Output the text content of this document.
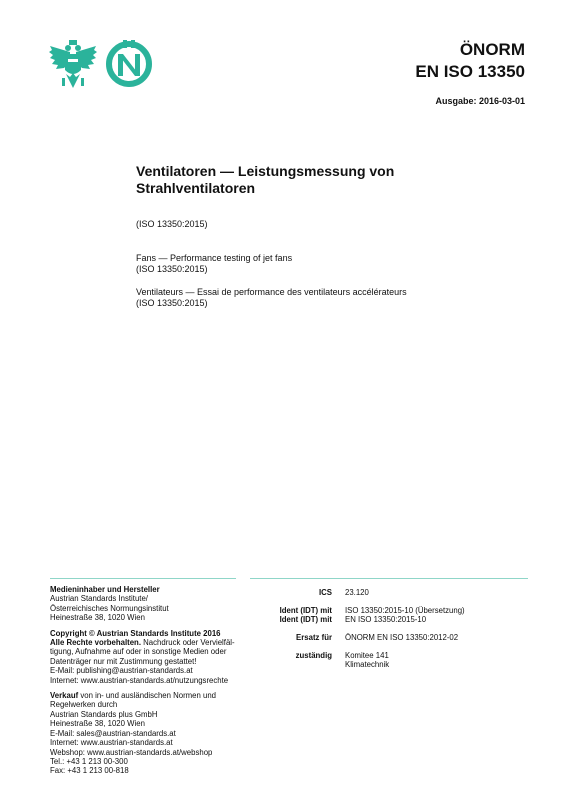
ÖNORM
EN ISO 13350
Ausgabe: 2016-03-01
Ventilatoren — Leistungsmessung von
Strahlventilatoren
(ISO 13350:2015)
Fans — Performance testing of jet fans
(ISO 13350:2015)
Ventilateurs — Essai de performance des ventilateurs accélérateurs
(ISO 13350:2015)

Medieninhaber und Hersteller
Austrian Standards Institute/
Österreichisches Normungsinstitut
Heinestraße 38, 1020 Wien

Copyright © Austrian Standards Institute 2016
Alle Rechte vorbehalten. Nachdruck oder Vervielfäl-
tigung, Aufnahme auf oder in sonstige Medien oder
Datenträger nur mit Zustimmung gestattet!
E-Mail: publishing@austrian-standards.at
Internet: www.austrian-standards.at/nutzungsrechte

Verkauf von in- und ausländischen Normen und
Regelwerken durch
Austrian Standards plus GmbH
Heinestraße 38, 1020 Wien
E-Mail: sales@austrian-standards.at
Internet: www.austrian-standards.at
Webshop: www.austrian-standards.at/webshop
Tel.: +43 1 213 00-300
Fax: +43 1 213 00-818

ICS 23.120
Ident (IDT) mit ISO 13350:2015-10 (Übersetzung)
Ident (IDT) mit EN ISO 13350:2015-10
Ersatz für ÖNORM EN ISO 13350:2012-02
zuständig Komitee 141
Klimatechnik
